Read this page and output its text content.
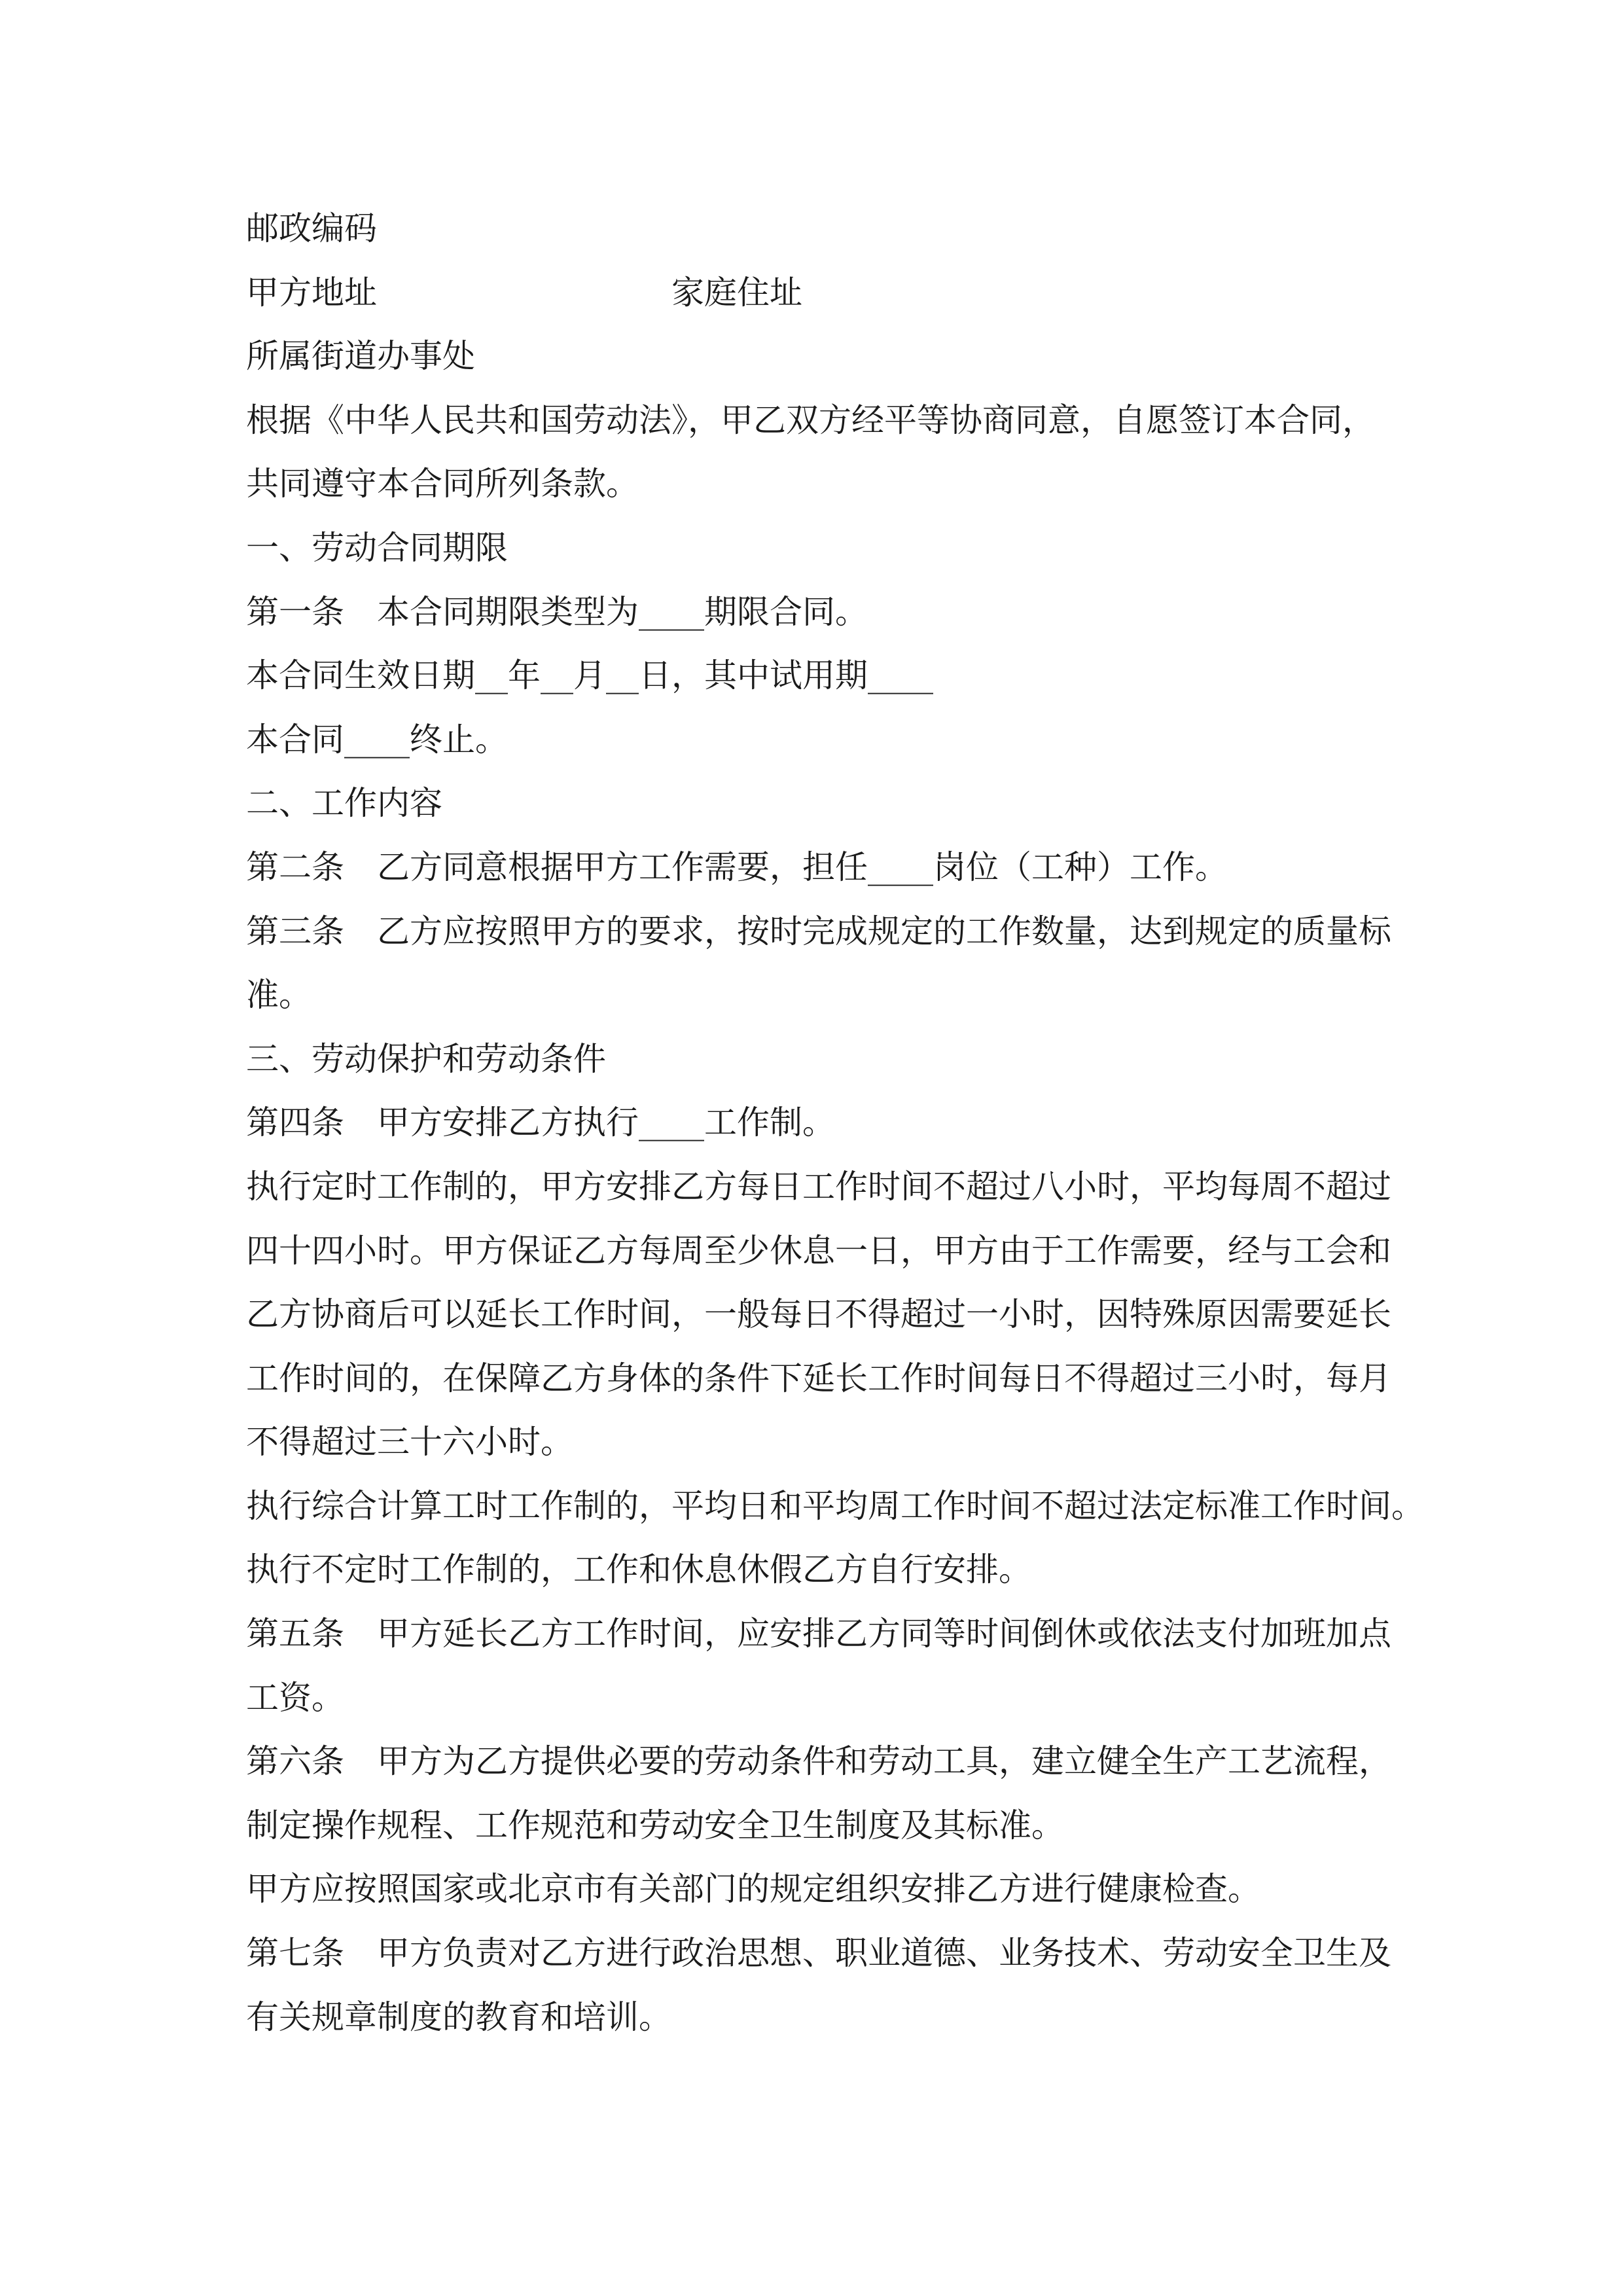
邮政编码
甲方地址	家庭住址
所属街道办事处
根据《中华人民共和国劳动法》，甲乙双方经平等协商同意，自愿签订本合同，
共同遵守本合同所列条款。
一、劳动合同期限
第一条　本合同期限类型为____期限合同。
本合同生效日期__年__月__日，其中试用期____
本合同____终止。
二、工作内容
第二条　乙方同意根据甲方工作需要，担任____岗位（工种）工作。
第三条　乙方应按照甲方的要求，按时完成规定的工作数量，达到规定的质量标
准。
三、劳动保护和劳动条件
第四条　甲方安排乙方执行____工作制。
执行定时工作制的，甲方安排乙方每日工作时间不超过八小时，平均每周不超过
四十四小时。甲方保证乙方每周至少休息一日，甲方由于工作需要，经与工会和
乙方协商后可以延长工作时间，一般每日不得超过一小时，因特殊原因需要延长
工作时间的，在保障乙方身体的条件下延长工作时间每日不得超过三小时，每月
不得超过三十六小时。
执行综合计算工时工作制的，平均日和平均周工作时间不超过法定标准工作时间。
执行不定时工作制的，工作和休息休假乙方自行安排。
第五条　甲方延长乙方工作时间，应安排乙方同等时间倒休或依法支付加班加点
工资。
第六条　甲方为乙方提供必要的劳动条件和劳动工具，建立健全生产工艺流程，
制定操作规程、工作规范和劳动安全卫生制度及其标准。
甲方应按照国家或北京市有关部门的规定组织安排乙方进行健康检查。
第七条　甲方负责对乙方进行政治思想、职业道德、业务技术、劳动安全卫生及
有关规章制度的教育和培训。
